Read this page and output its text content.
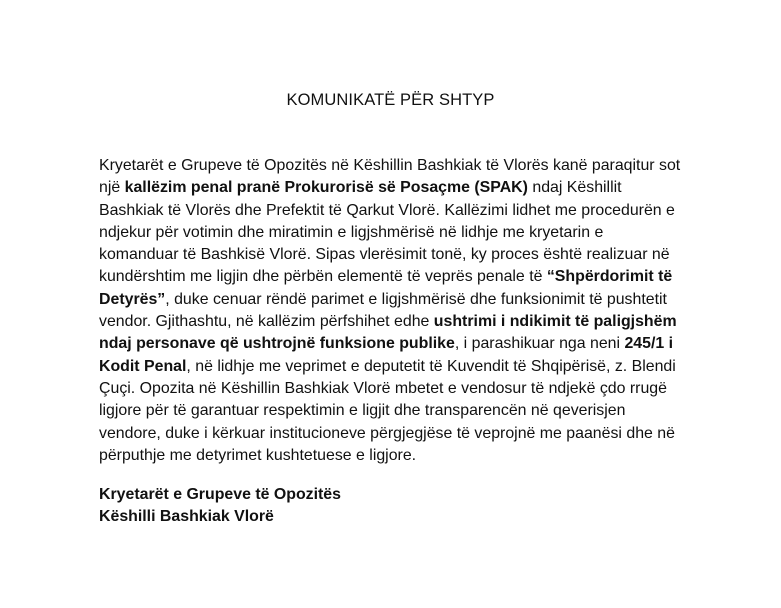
KOMUNIKATË PËR SHTYP
Kryetarët e Grupeve të Opozitës në Këshillin Bashkiak të Vlorës kanë paraqitur sot
një kallëzim penal pranë Prokurorisë së Posaçme (SPAK) ndaj Këshillit
Bashkiak të Vlorës dhe Prefektit të Qarkut Vlorë. Kallëzimi lidhet me procedurën e
ndjekur për votimin dhe miratimin e ligjshmërisë në lidhje me kryetarin e
komanduar të Bashkisë Vlorë. Sipas vlerësimit tonë, ky proces është realizuar në
kundërshtim me ligjin dhe përbën elementë të veprës penale të “Shpërdorimit të
Detyrës”, duke cenuar rëndë parimet e ligjshmërisë dhe funksionimit të pushtetit
vendor. Gjithashtu, në kallëzim përfshihet edhe ushtrimi i ndikimit të paligjshëm
ndaj personave që ushtrojnë funksione publike, i parashikuar nga neni 245/1 i
Kodit Penal, në lidhje me veprimet e deputetit të Kuvendit të Shqipërisë, z. Blendi
Çuçi. Opozita në Këshillin Bashkiak Vlorë mbetet e vendosur të ndjekë çdo rrugë
ligjore për të garantuar respektimin e ligjit dhe transparencën në qeverisjen
vendore, duke i kërkuar institucioneve përgjegjëse të veprojnë me paanësi dhe në
përputhje me detyrimet kushtetuese e ligjore.
Kryetarët e Grupeve të Opozitës
Këshilli Bashkiak Vlorë
